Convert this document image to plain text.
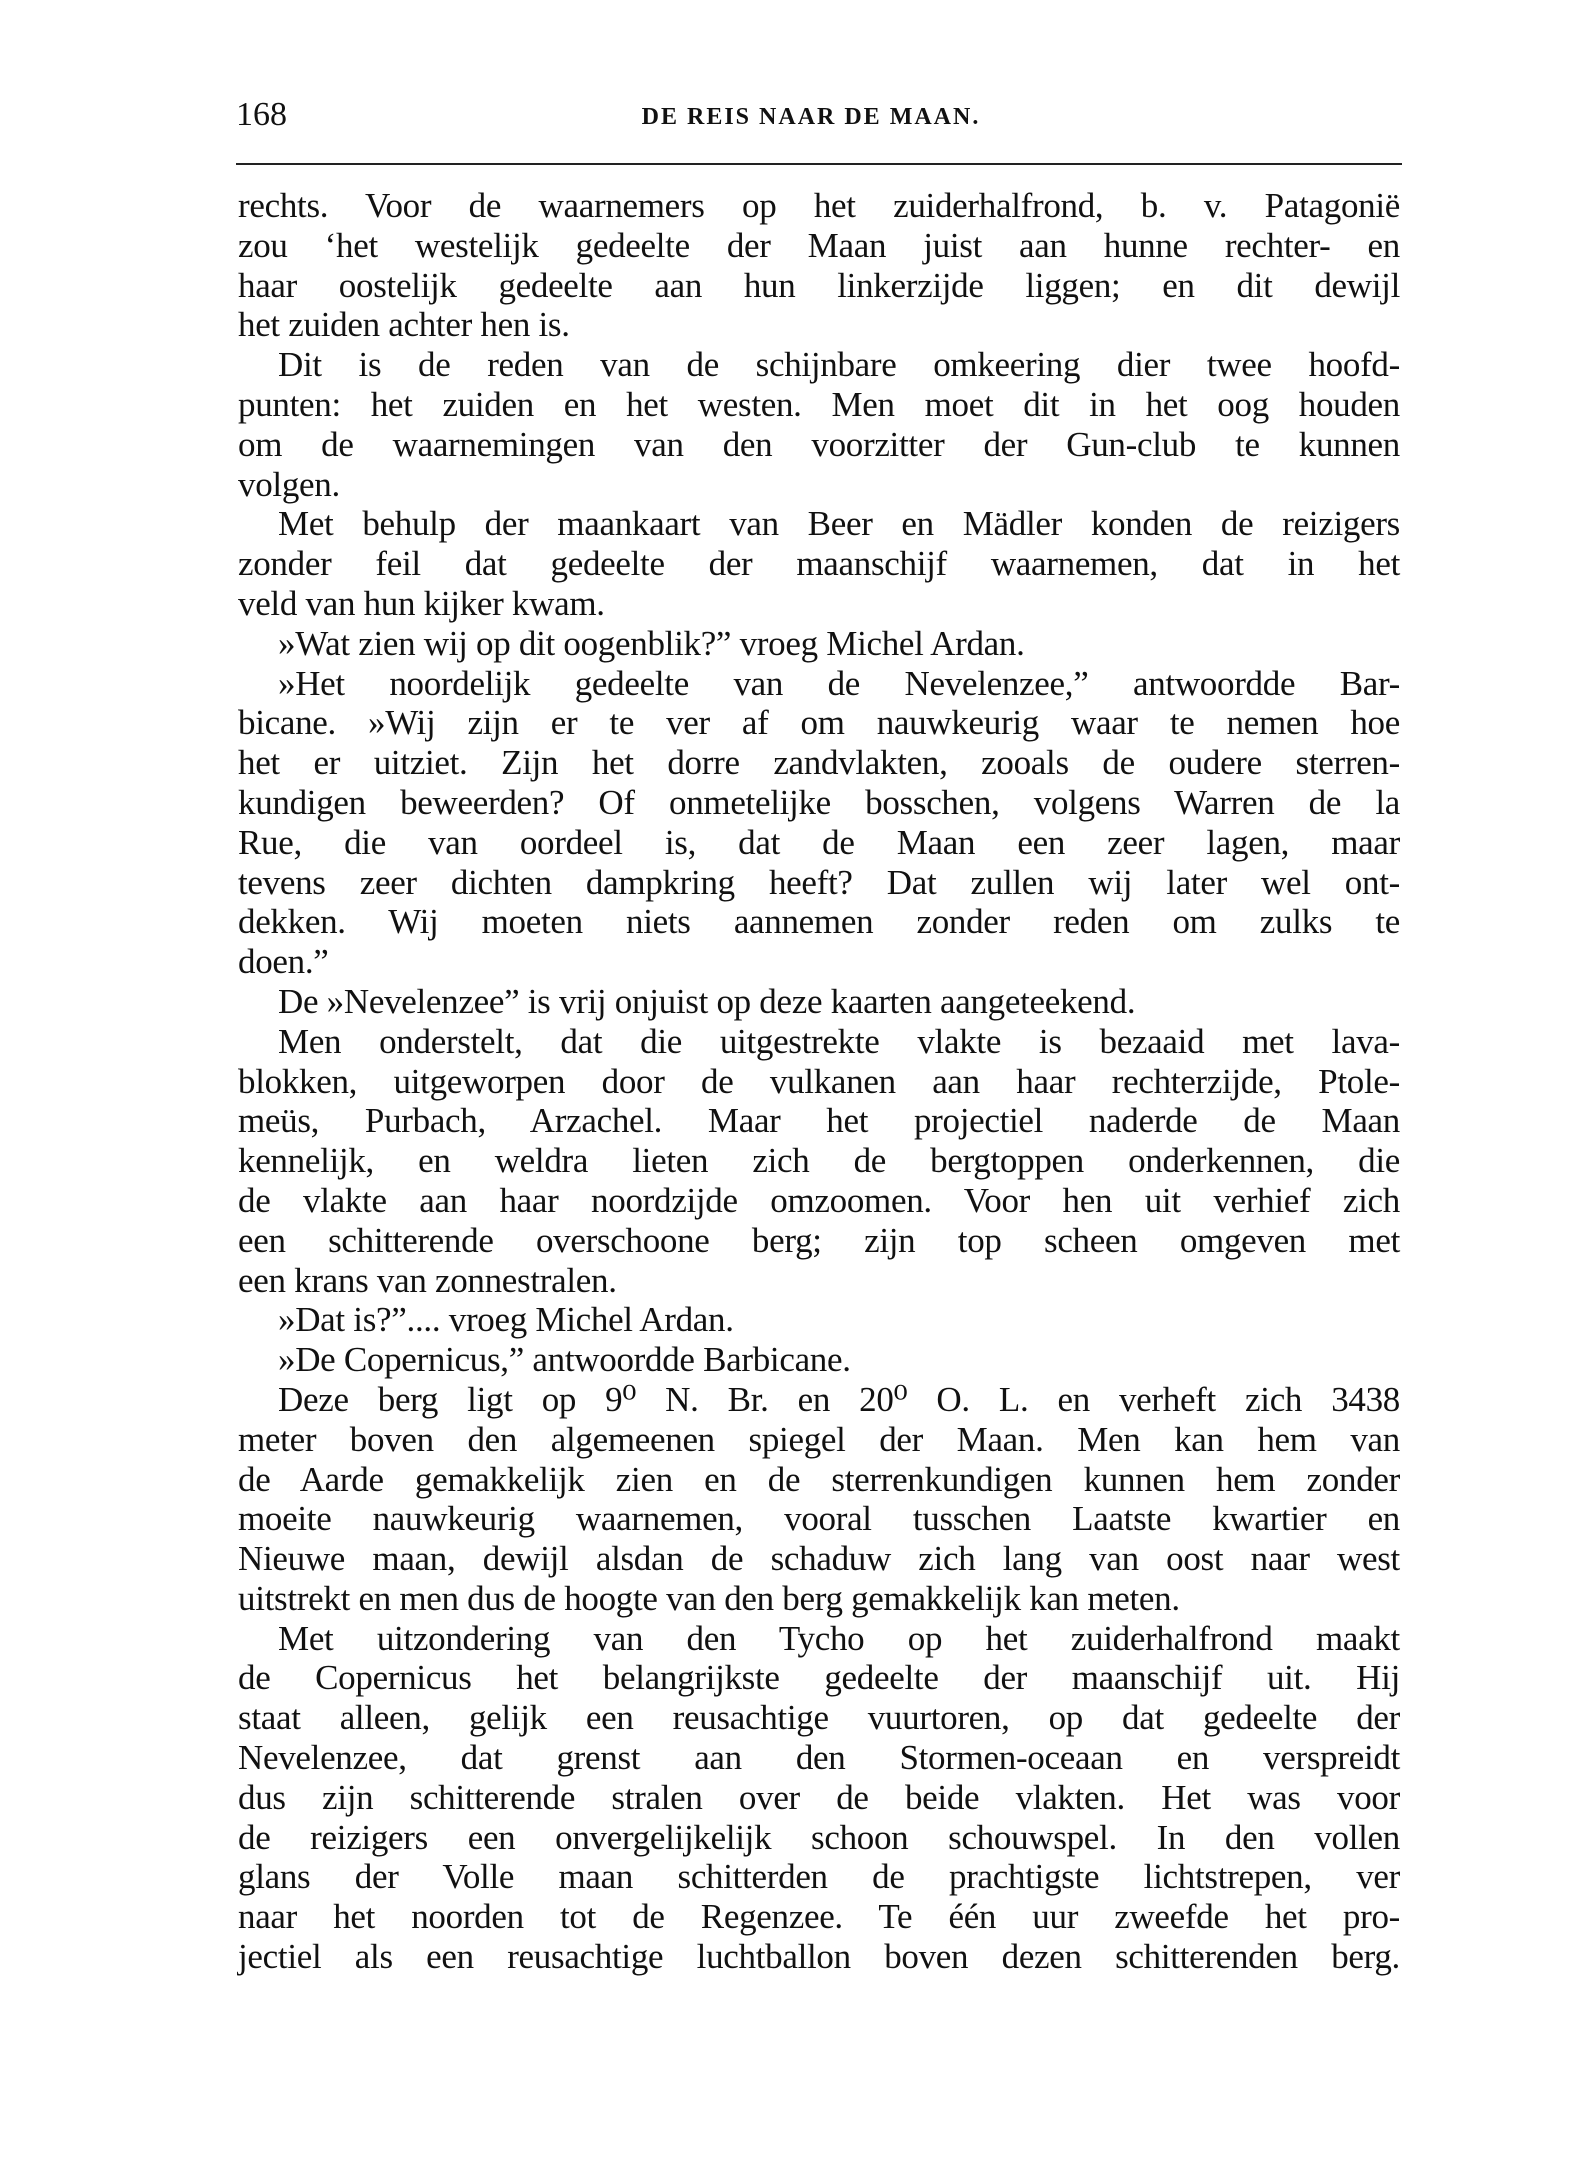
168	DE REIS NAAR DE MAAN.
rechts. Voor de waarnemers op het zuiderhalfrond, b. v. Patagonië
zou ‘het westelijk gedeelte der Maan juist aan hunne rechter- en
haar oostelijk gedeelte aan hun linkerzijde liggen; en dit dewijl
het zuiden achter hen is.
Dit is de reden van de schijnbare omkeering dier twee hoofd-
punten: het zuiden en het westen. Men moet dit in het oog houden
om de waarnemingen van den voorzitter der Gun-club te kunnen
volgen.
Met behulp der maankaart van Beer en Mädler konden de reizigers
zonder feil dat gedeelte der maanschijf waarnemen, dat in het
veld van hun kijker kwam.
»Wat zien wij op dit oogenblik?” vroeg Michel Ardan.
»Het noordelijk gedeelte van de Nevelenzee,” antwoordde Bar-
bicane. »Wij zijn er te ver af om nauwkeurig waar te nemen hoe
het er uitziet. Zijn het dorre zandvlakten, zooals de oudere sterren-
kundigen beweerden? Of onmetelijke bosschen, volgens Warren de la
Rue, die van oordeel is, dat de Maan een zeer lagen, maar
tevens zeer dichten dampkring heeft? Dat zullen wij later wel ont-
dekken. Wij moeten niets aannemen zonder reden om zulks te
doen.”
De »Nevelenzee” is vrij onjuist op deze kaarten aangeteekend.
Men onderstelt, dat die uitgestrekte vlakte is bezaaid met lava-
blokken, uitgeworpen door de vulkanen aan haar rechterzijde, Ptole-
meüs, Purbach, Arzachel. Maar het projectiel naderde de Maan
kennelijk, en weldra lieten zich de bergtoppen onderkennen, die
de vlakte aan haar noordzijde omzoomen. Voor hen uit verhief zich
een schitterende overschoone berg; zijn top scheen omgeven met
een krans van zonnestralen.
»Dat is?”.... vroeg Michel Ardan.
»De Copernicus,” antwoordde Barbicane.
Deze berg ligt op 9⁰ N. Br. en 20⁰ O. L. en verheft zich 3438
meter boven den algemeenen spiegel der Maan. Men kan hem van
de Aarde gemakkelijk zien en de sterrenkundigen kunnen hem zonder
moeite nauwkeurig waarnemen, vooral tusschen Laatste kwartier en
Nieuwe maan, dewijl alsdan de schaduw zich lang van oost naar west
uitstrekt en men dus de hoogte van den berg gemakkelijk kan meten.
Met uitzondering van den Tycho op het zuiderhalfrond maakt
de Copernicus het belangrijkste gedeelte der maanschijf uit. Hij
staat alleen, gelijk een reusachtige vuurtoren, op dat gedeelte der
Nevelenzee, dat grenst aan den Stormen-oceaan en verspreidt
dus zijn schitterende stralen over de beide vlakten. Het was voor
de reizigers een onvergelijkelijk schoon schouwspel. In den vollen
glans der Volle maan schitterden de prachtigste lichtstrepen, ver
naar het noorden tot de Regenzee. Te één uur zweefde het pro-
jectiel als een reusachtige luchtballon boven dezen schitterenden berg.
